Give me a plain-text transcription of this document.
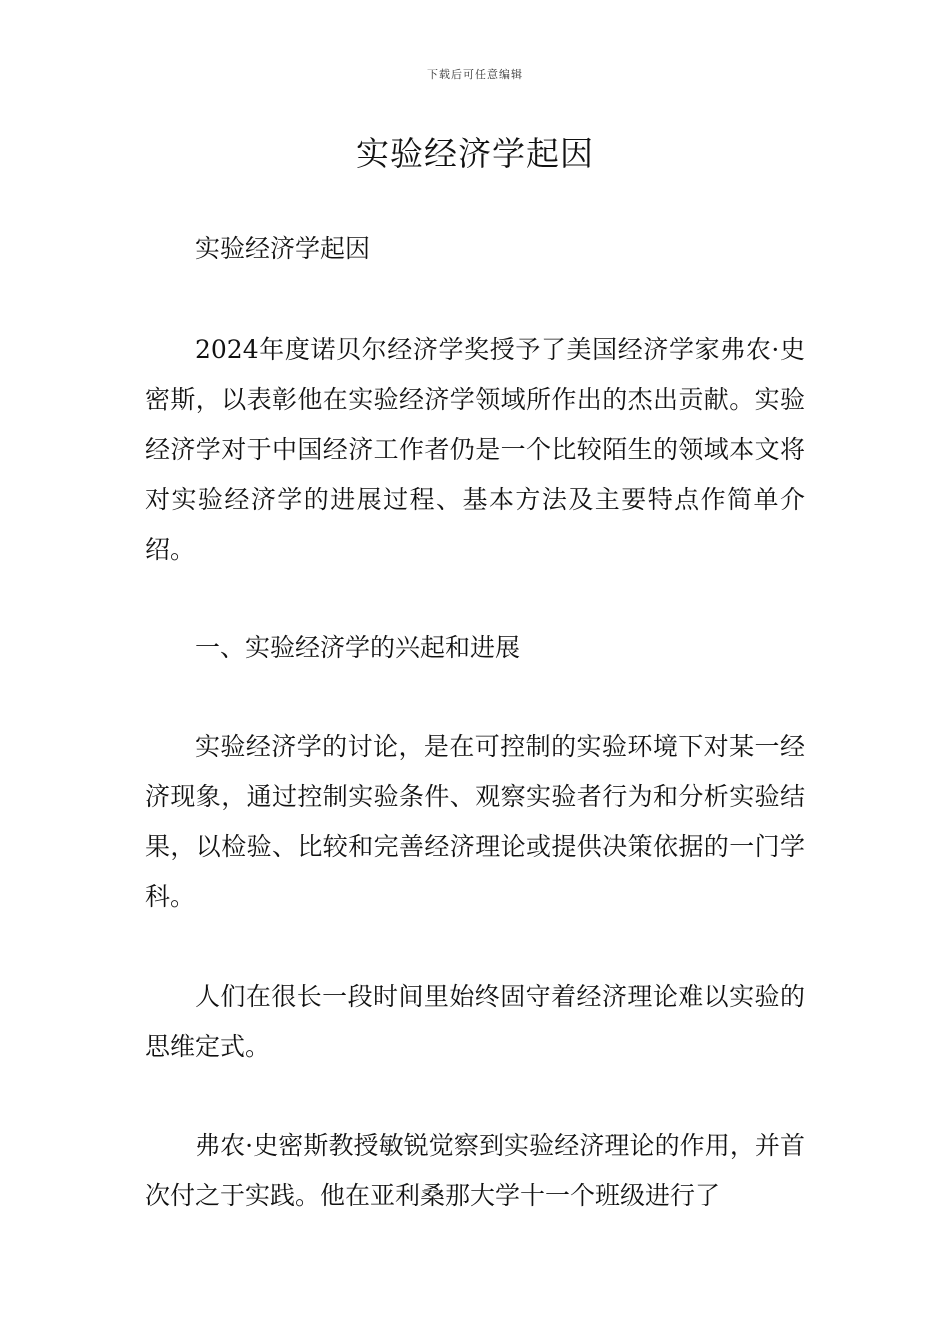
下载后可任意编辑
实验经济学起因

实验经济学起因

2024年度诺贝尔经济学奖授予了美国经济学家弗农·史密斯，以表彰他在实验经济学领域所作出的杰出贡献。实验经济学对于中国经济工作者仍是一个比较陌生的领域本文将对实验经济学的进展过程、基本方法及主要特点作简单介绍。

一、实验经济学的兴起和进展

实验经济学的讨论，是在可控制的实验环境下对某一经济现象，通过控制实验条件、观察实验者行为和分析实验结果，以检验、比较和完善经济理论或提供决策依据的一门学科。

人们在很长一段时间里始终固守着经济理论难以实验的思维定式。

弗农·史密斯教授敏锐觉察到实验经济理论的作用，并首次付之于实践。他在亚利桑那大学十一个班级进行了
